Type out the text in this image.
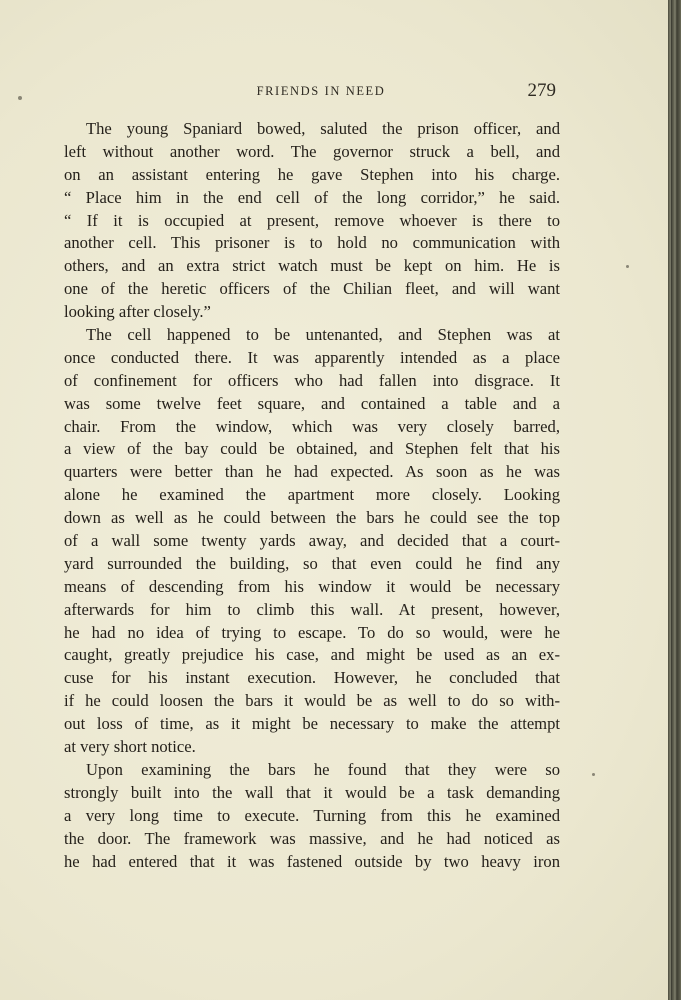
FRIENDS IN NEED	279
The young Spaniard bowed, saluted the prison officer, and
left without another word. The governor struck a bell, and
on an assistant entering he gave Stephen into his charge.
“ Place him in the end cell of the long corridor,” he said.
“ If it is occupied at present, remove whoever is there to
another cell. This prisoner is to hold no communication with
others, and an extra strict watch must be kept on him. He is
one of the heretic officers of the Chilian fleet, and will want
looking after closely.”
The cell happened to be untenanted, and Stephen was at
once conducted there. It was apparently intended as a place
of confinement for officers who had fallen into disgrace. It
was some twelve feet square, and contained a table and a
chair. From the window, which was very closely barred,
a view of the bay could be obtained, and Stephen felt that his
quarters were better than he had expected. As soon as he was
alone he examined the apartment more closely. Looking
down as well as he could between the bars he could see the top
of a wall some twenty yards away, and decided that a court-
yard surrounded the building, so that even could he find any
means of descending from his window it would be necessary
afterwards for him to climb this wall. At present, however,
he had no idea of trying to escape. To do so would, were he
caught, greatly prejudice his case, and might be used as an ex-
cuse for his instant execution. However, he concluded that
if he could loosen the bars it would be as well to do so with-
out loss of time, as it might be necessary to make the attempt
at very short notice.
Upon examining the bars he found that they were so
strongly built into the wall that it would be a task demanding
a very long time to execute. Turning from this he examined
the door. The framework was massive, and he had noticed as
he had entered that it was fastened outside by two heavy iron
